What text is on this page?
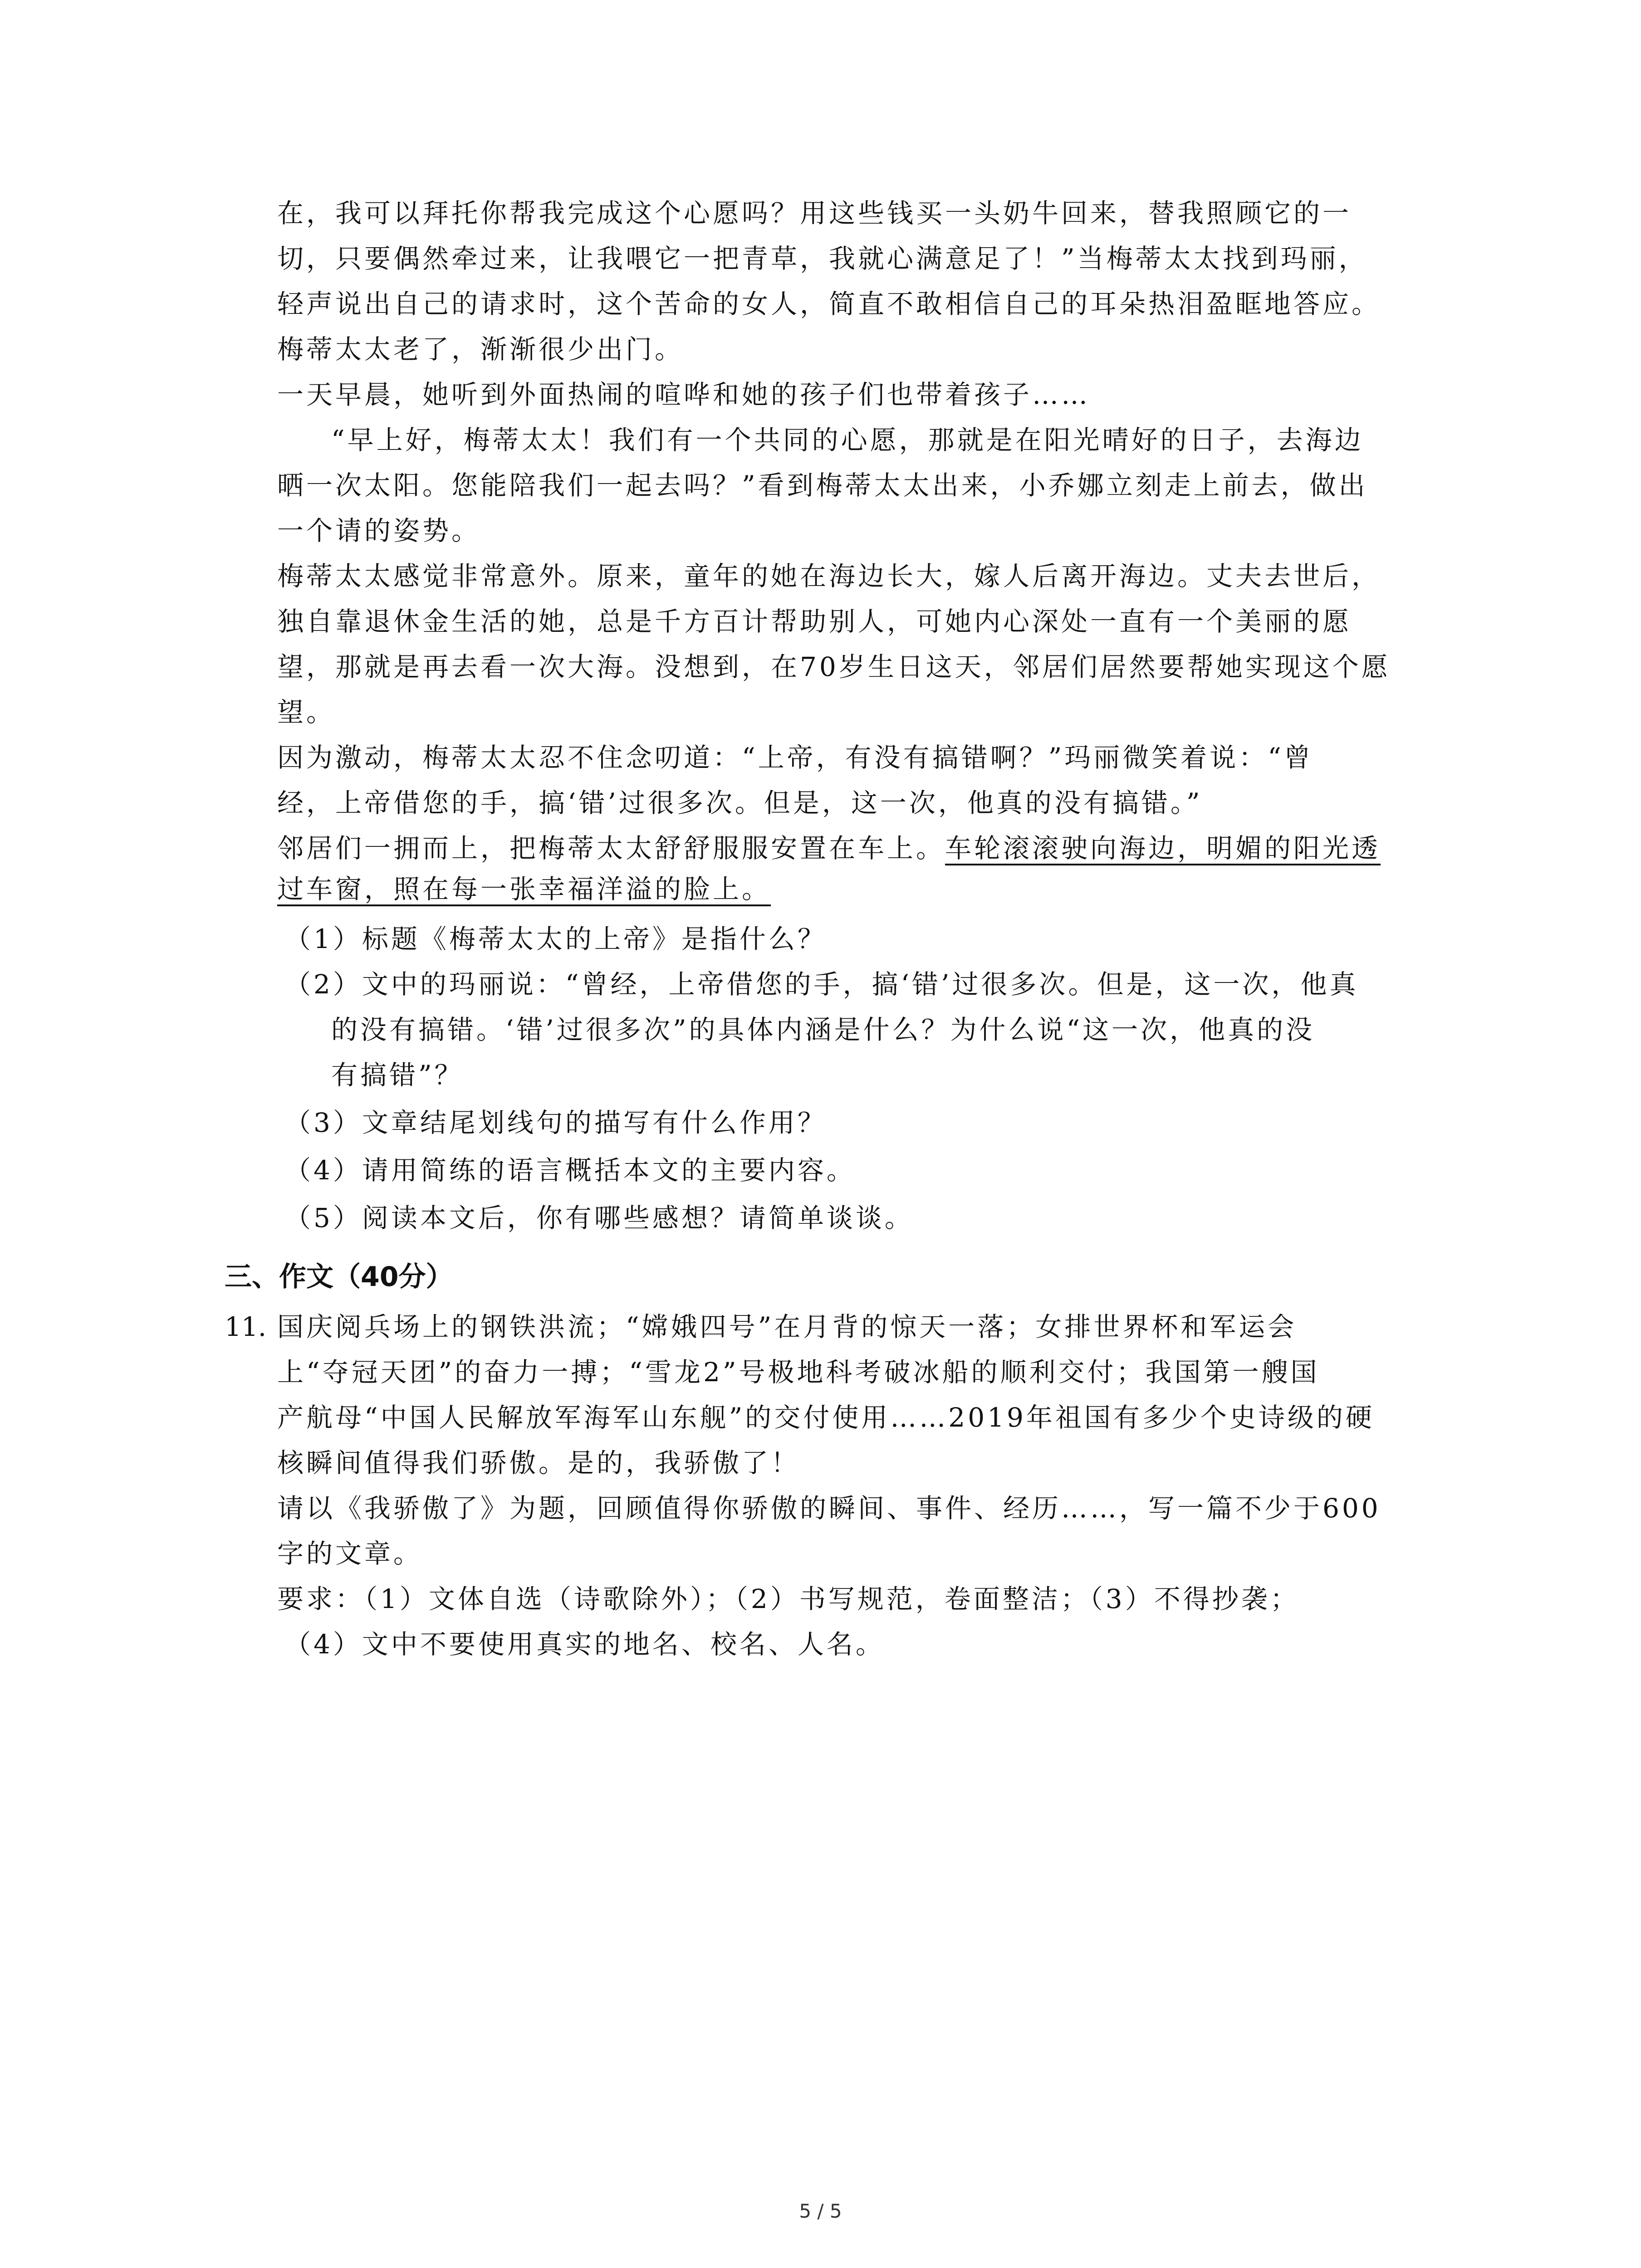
在，我可以拜托你帮我完成这个心愿吗？用这些钱买一头奶牛回来，替我照顾它的一
切，只要偶然牵过来，让我喂它一把青草，我就心满意足了！”当梅蒂太太找到玛丽，
轻声说出自己的请求时，这个苦命的女人，简直不敢相信自己的耳朵热泪盈眶地答应。
梅蒂太太老了，渐渐很少出门。
一天早晨，她听到外面热闹的喧哗和她的孩子们也带着孩子……
“早上好，梅蒂太太！我们有一个共同的心愿，那就是在阳光晴好的日子，去海边
晒一次太阳。您能陪我们一起去吗？”看到梅蒂太太出来，小乔娜立刻走上前去，做出
一个请的姿势。
梅蒂太太感觉非常意外。原来，童年的她在海边长大，嫁人后离开海边。丈夫去世后，
独自靠退休金生活的她，总是千方百计帮助别人，可她内心深处一直有一个美丽的愿
望，那就是再去看一次大海。没想到，在70岁生日这天，邻居们居然要帮她实现这个愿
望。
因为激动，梅蒂太太忍不住念叨道：“上帝，有没有搞错啊？”玛丽微笑着说：“曾
经，上帝借您的手，搞‘错’过很多次。但是，这一次，他真的没有搞错。”
邻居们一拥而上，把梅蒂太太舒舒服服安置在车上。车轮滚滚驶向海边，明媚的阳光透
过车窗，照在每一张幸福洋溢的脸上。
（1）标题《梅蒂太太的上帝》是指什么？
（2）文中的玛丽说：“曾经，上帝借您的手，搞‘错’过很多次。但是，这一次，他真
的没有搞错。‘错’过很多次”的具体内涵是什么？为什么说“这一次，他真的没
有搞错”？
（3）文章结尾划线句的描写有什么作用？
（4）请用简练的语言概括本文的主要内容。
（5）阅读本文后，你有哪些感想？请简单谈谈。
三、作文（40分）
11. 国庆阅兵场上的钢铁洪流；“嫦娥四号”在月背的惊天一落；女排世界杯和军运会
上“夺冠天团”的奋力一搏；“雪龙2”号极地科考破冰船的顺利交付；我国第一艘国
产航母“中国人民解放军海军山东舰”的交付使用……2019年祖国有多少个史诗级的硬
核瞬间值得我们骄傲。是的，我骄傲了！
请以《我骄傲了》为题，回顾值得你骄傲的瞬间、事件、经历……，写一篇不少于600
字的文章。
要求：（1）文体自选（诗歌除外）；（2）书写规范，卷面整洁；（3）不得抄袭；
（4）文中不要使用真实的地名、校名、人名。
5 / 5
